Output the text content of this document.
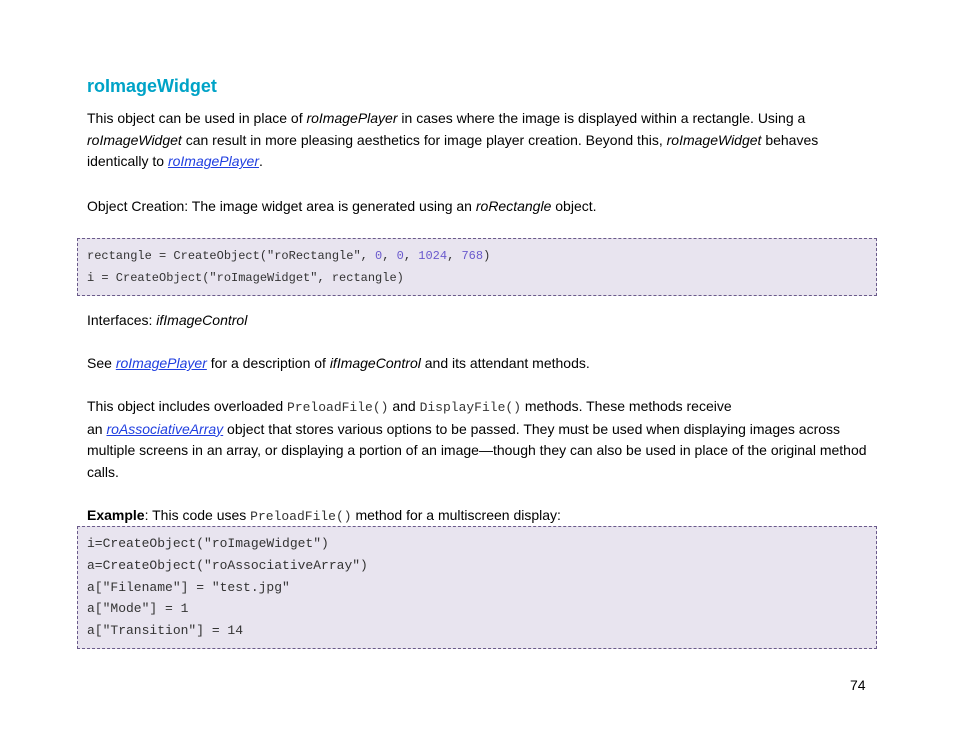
roImageWidget
This object can be used in place of roImagePlayer in cases where the image is displayed within a rectangle. Using a
roImageWidget can result in more pleasing aesthetics for image player creation. Beyond this, roImageWidget behaves identically to roImagePlayer.
Object Creation: The image widget area is generated using an roRectangle object.
rectangle = CreateObject("roRectangle", 0, 0, 1024, 768)
i = CreateObject("roImageWidget", rectangle)
Interfaces: ifImageControl
See roImagePlayer for a description of ifImageControl and its attendant methods.
This object includes overloaded PreloadFile() and DisplayFile() methods. These methods receive
an roAssociativeArray object that stores various options to be passed. They must be used when displaying images across multiple screens in an array, or displaying a portion of an image—though they can also be used in place of the original method calls.
Example: This code uses PreloadFile() method for a multiscreen display:
i=CreateObject("roImageWidget")
a=CreateObject("roAssociativeArray")
a["Filename"] = "test.jpg"
a["Mode"] = 1
a["Transition"] = 14
74
